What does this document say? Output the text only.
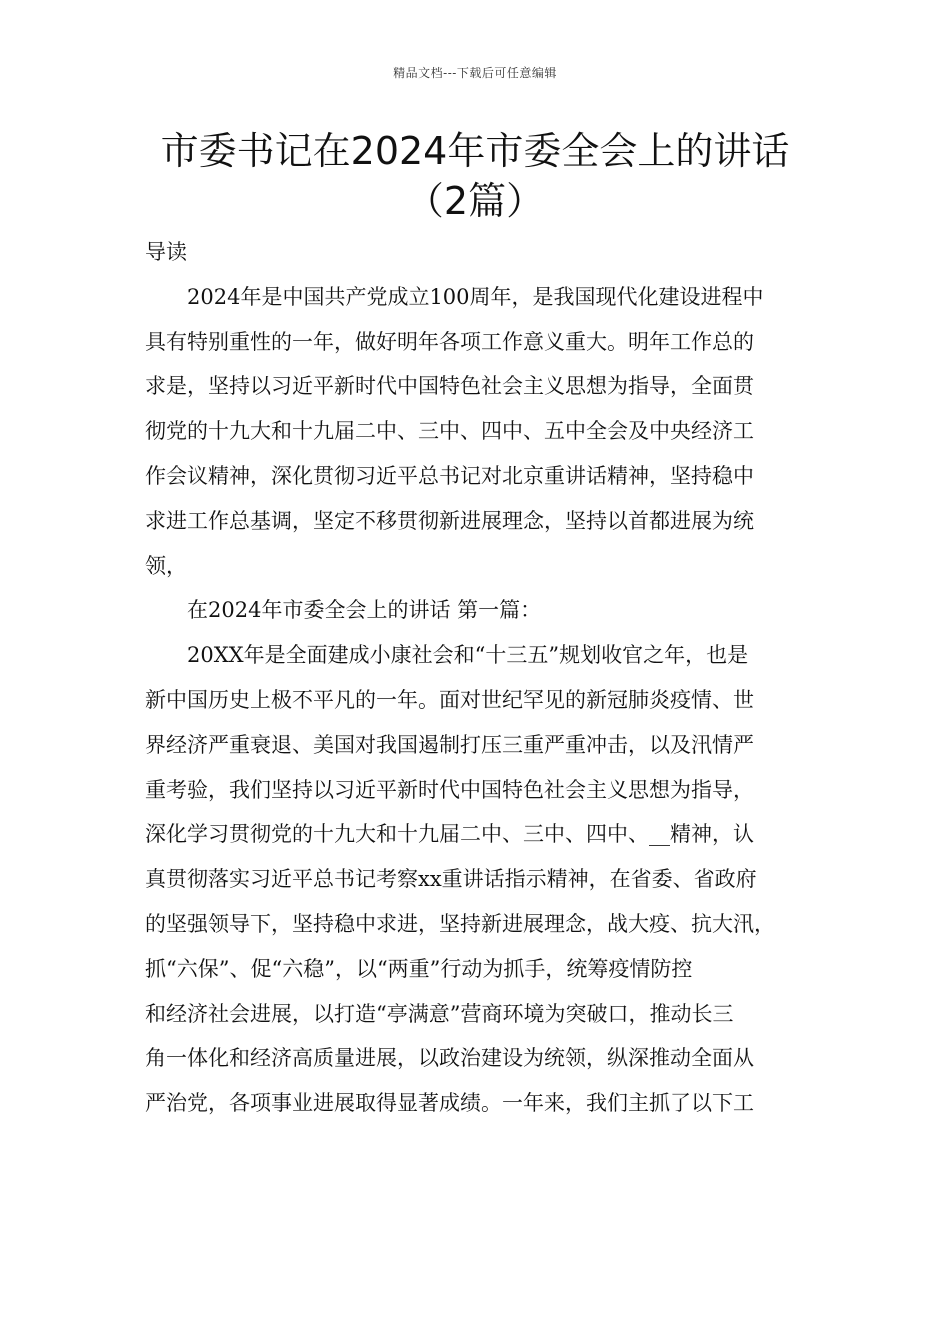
精品文档---下载后可任意编辑
市委书记在2024年市委全会上的讲话
（2篇）

导读

2024年是中国共产党成立100周年，是我国现代化建设进程中

具有特别重性的一年，做好明年各项工作意义重大。明年工作总的

求是，坚持以习近平新时代中国特色社会主义思想为指导，全面贯

彻党的十九大和十九届二中、三中、四中、五中全会及中央经济工

作会议精神，深化贯彻习近平总书记对北京重讲话精神，坚持稳中

求进工作总基调，坚定不移贯彻新进展理念，坚持以首都进展为统

领，

在2024年市委全会上的讲话 第一篇：

20XX年是全面建成小康社会和“十三五”规划收官之年，也是

新中国历史上极不平凡的一年。面对世纪罕见的新冠肺炎疫情、世

界经济严重衰退、美国对我国遏制打压三重严重冲击，以及汛情严

重考验，我们坚持以习近平新时代中国特色社会主义思想为指导，

深化学习贯彻党的十九大和十九届二中、三中、四中、__精神，认

真贯彻落实习近平总书记考察xx重讲话指示精神，在省委、省政府

的坚强领导下，坚持稳中求进，坚持新进展理念，战大疫、抗大汛，

抓“六保”、促“六稳”，以“两重”行动为抓手，统筹疫情防控

和经济社会进展，以打造“亭满意”营商环境为突破口，推动长三

角一体化和经济高质量进展，以政治建设为统领，纵深推动全面从

严治党，各项事业进展取得显著成绩。一年来，我们主抓了以下工
